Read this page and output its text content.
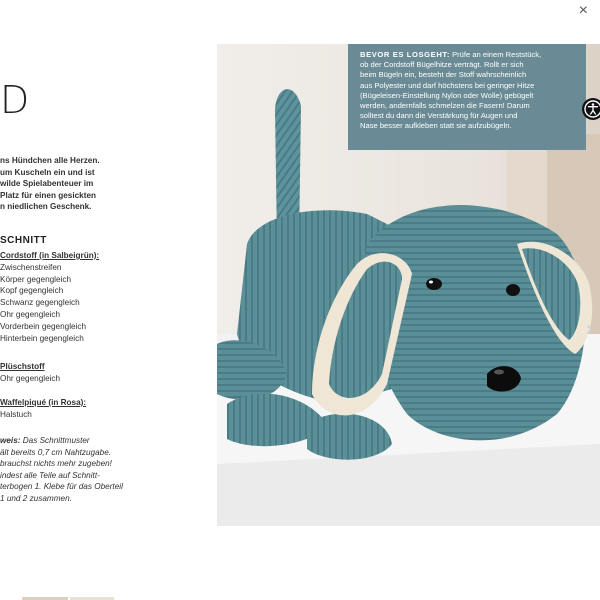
×
D
ns Hündchen alle Herzen.
um Kuscheln ein und ist
wilde Spielabenteuer im
Platz für einen gesickten
n niedlichen Geschenk.
SCHNITT
Cordstoff (in Salbeigrün):
Zwischenstreifen
Körper gegengleich
Kopf gegengleich
Schwanz gegengleich
Ohr gegengleich
Vorderbein gegengleich
Hinterbein gegengleich
Plüschstoff
Ohr gegengleich
Waffelpiqué (in Rosa):
Halstuch
weis: Das Schnittmuster
ält bereits 0,7 cm Nahtzugabe.
brauchst nichts mehr zugeben!
indest alle Teile auf Schnitt-
terbogen 1. Klebe für das Oberteil
1 und 2 zusammen.
BEVOR ES LOSGEHT: Prüfe an einem Reststück,
ob der Cordstoff Bügelhitze verträgt. Rollt er sich
beim Bügeln ein, besteht der Stoff wahrscheinlich
aus Polyester und darf höchstens bei geringer Hitze
(Bügeleisen-Einstellung Nylon oder Wolle) gebügelt
werden, andernfalls schmelzen die Fasern! Darum
solltest du dann die Verstärkung für Augen und
Nase besser aufkleben statt sie aufzubügeln.
›
